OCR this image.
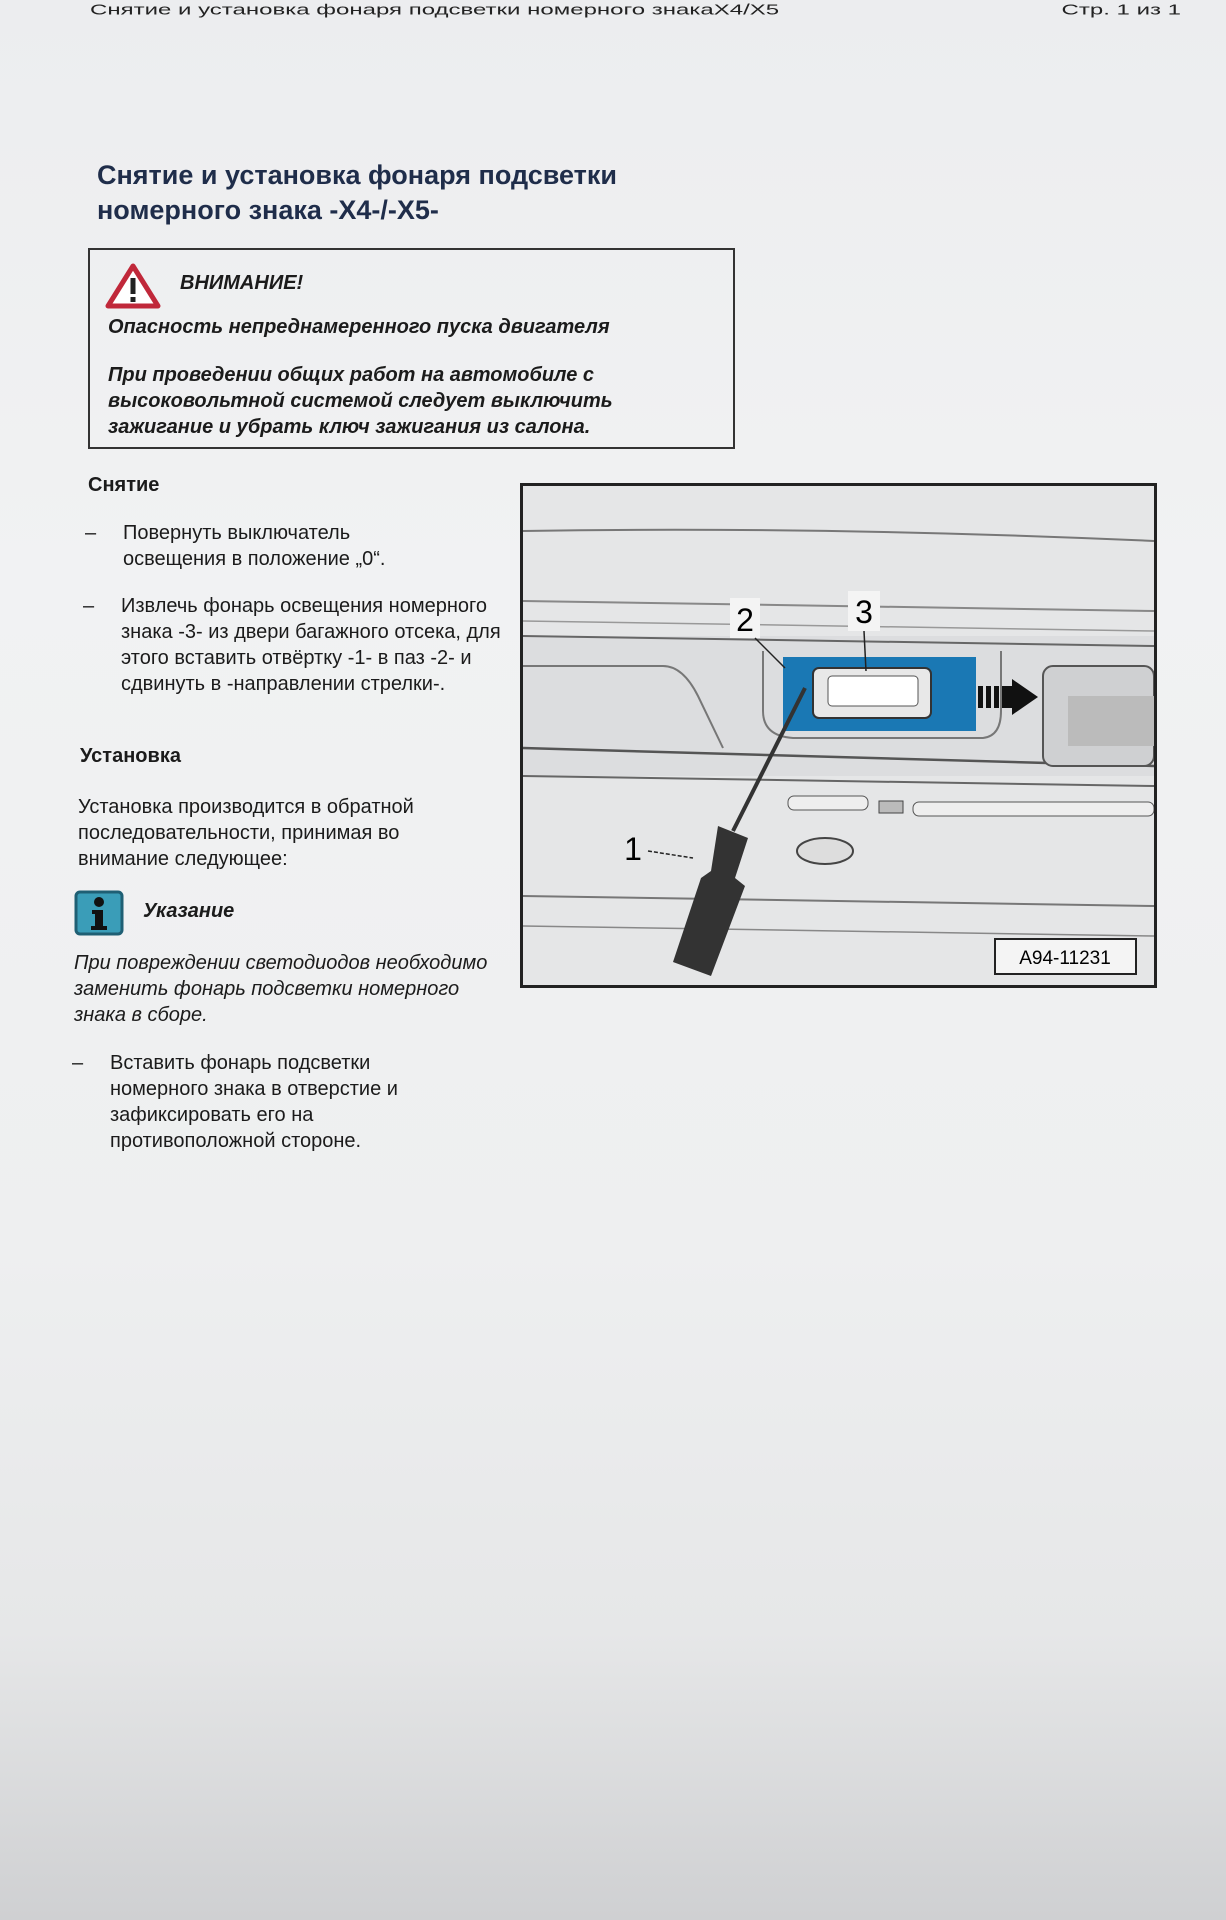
Снятие и установка фонаря подсветки номерного знакаX4/X5	Стр. 1 из 1
Снятие и установка фонаря подсветки номерного знака -X4-/-X5-
ВНИМАНИЕ!
Опасность непреднамеренного пуска двигателя
При проведении общих работ на автомобиле с высоковольтной системой следует выключить зажигание и убрать ключ зажигания из салона.
Снятие
– Повернуть выключатель освещения в положение „0“.
– Извлечь фонарь освещения номерного знака -3- из двери багажного отсека, для этого вставить отвёртку -1- в паз -2- и сдвинуть в -направлении стрелки-.
Установка
Установка производится в обратной последовательности, принимая во внимание следующее:
Указание
При повреждении светодиодов необходимо заменить фонарь подсветки номерного знака в сборе.
– Вставить фонарь подсветки номерного знака в отверстие и зафиксировать его на противоположной стороне.
2	3
1
A94-11231
